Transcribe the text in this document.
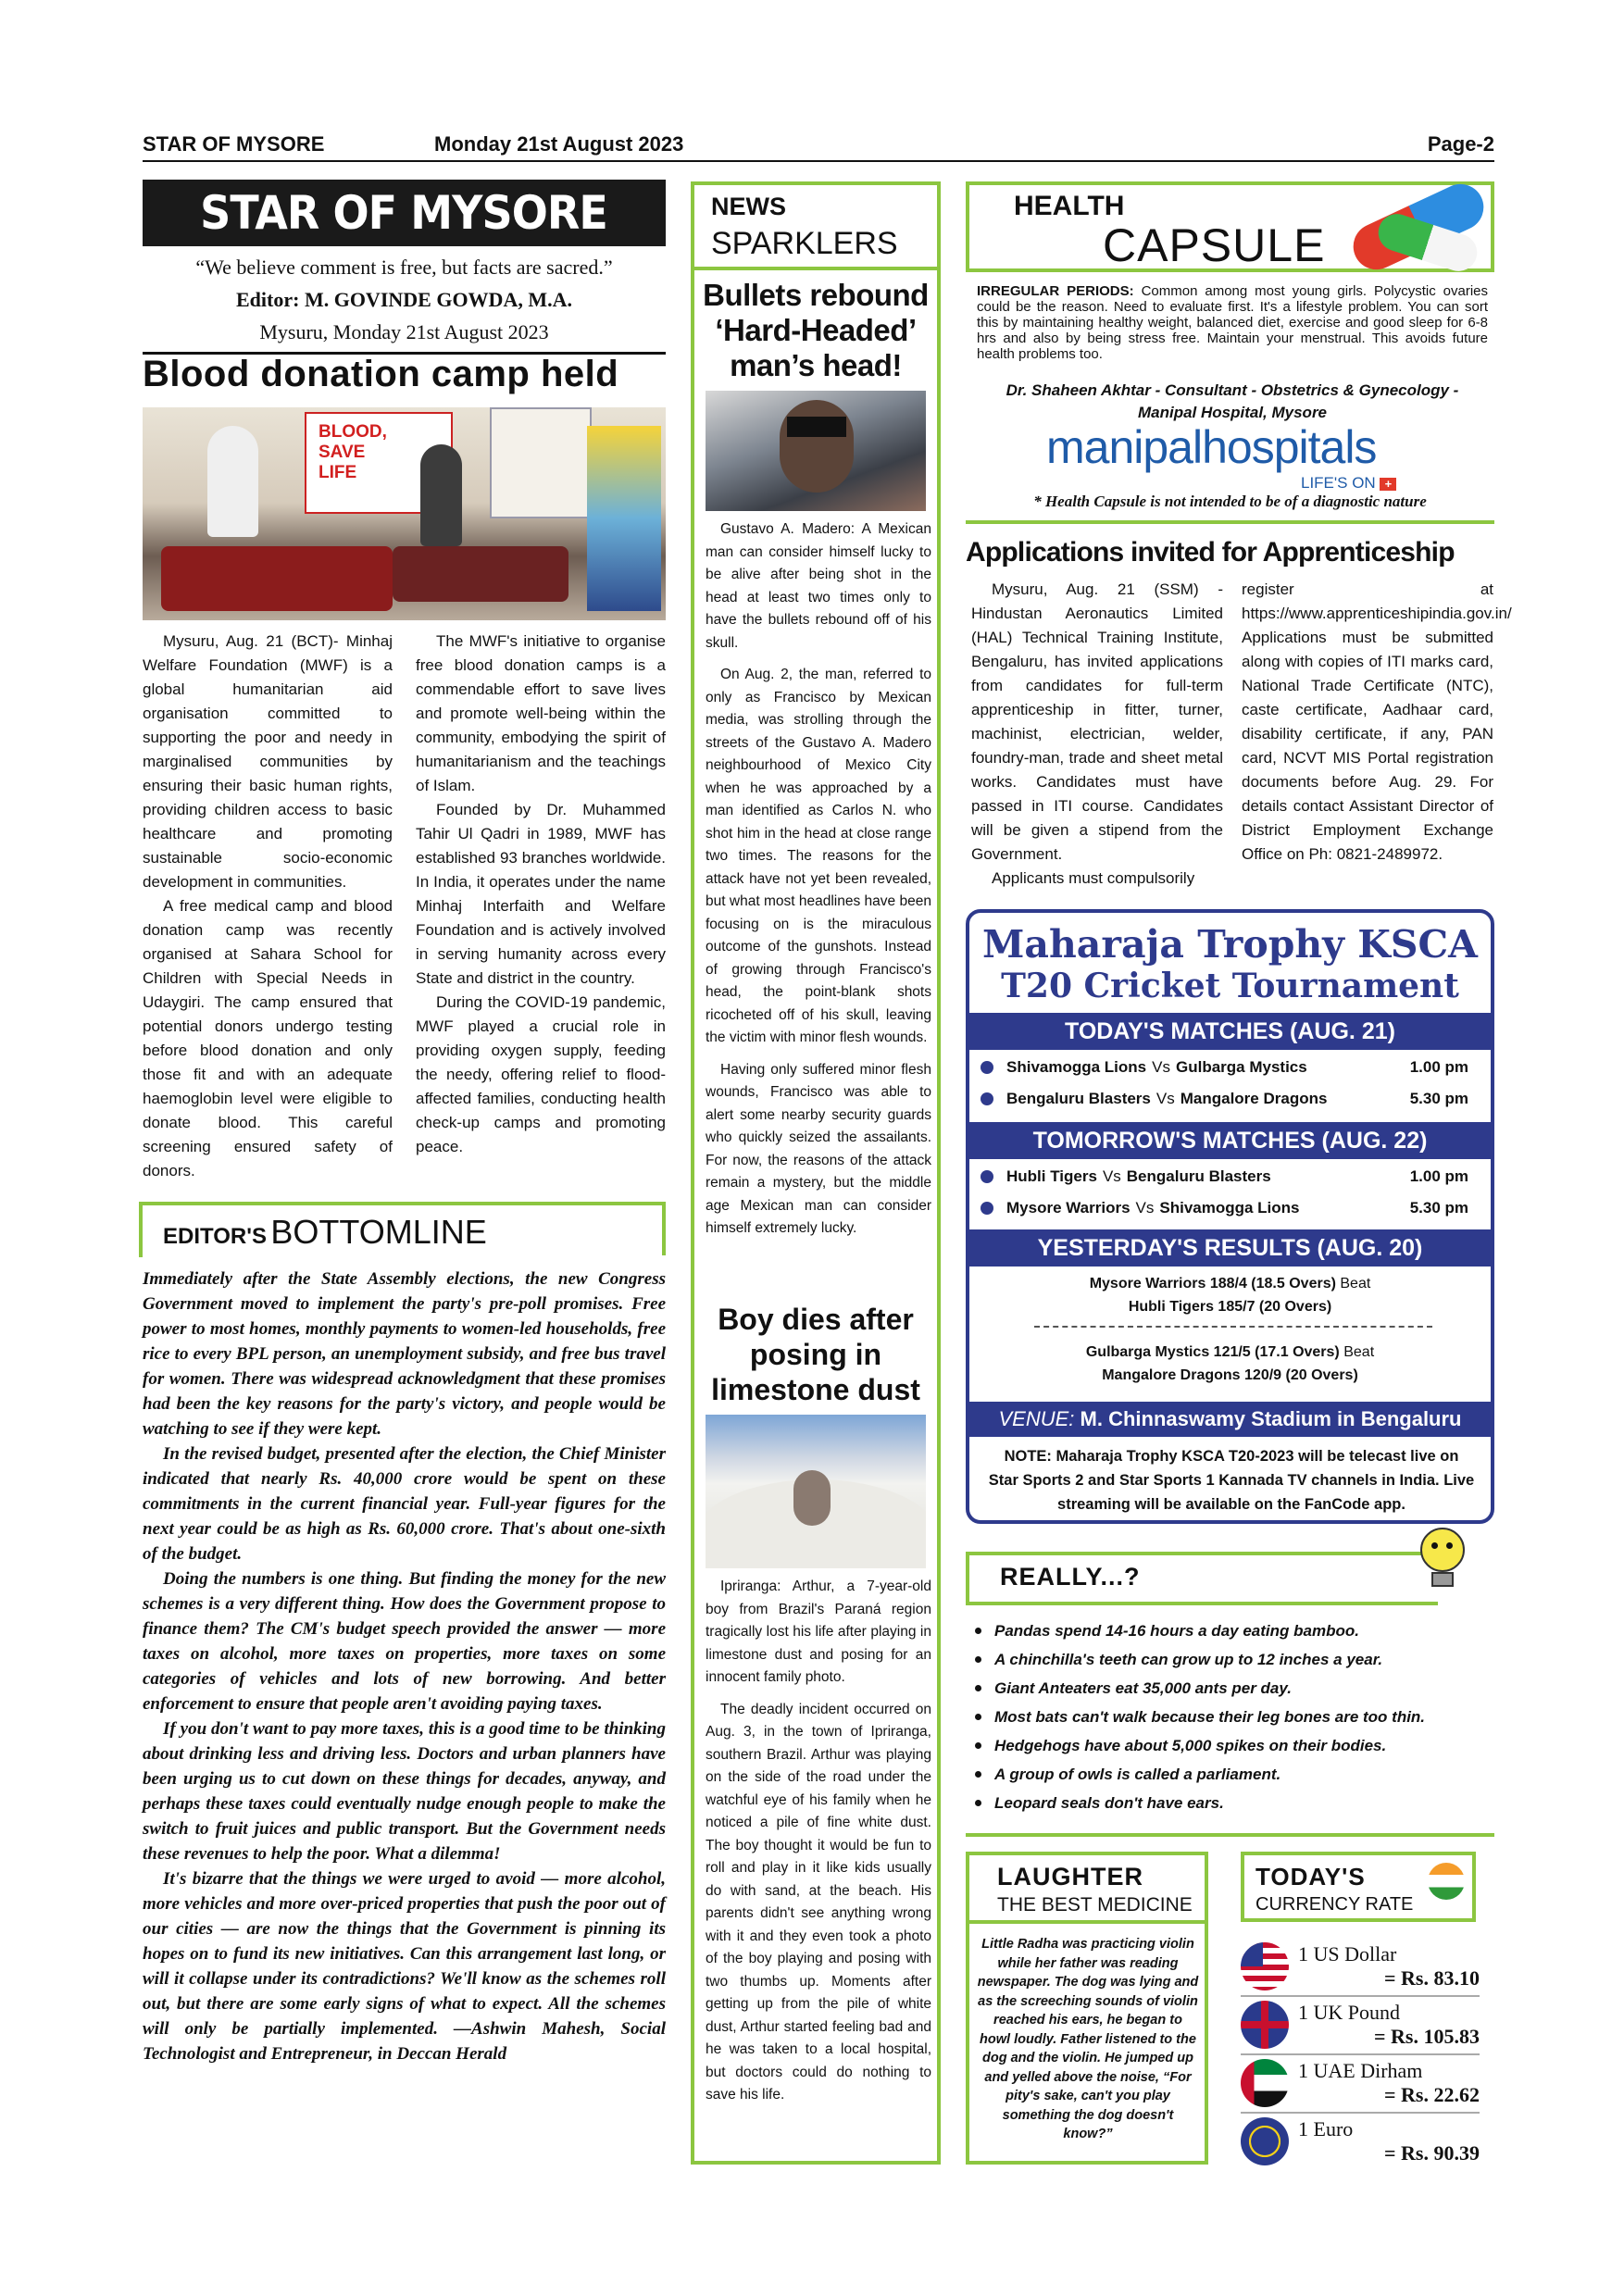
STAR OF MYSORE	Monday 21st August 2023	Page-2
STAR OF MYSORE
“We believe comment is free, but facts are sacred.”
Editor: M. GOVINDE GOWDA, M.A.
Mysuru, Monday 21st August 2023
Blood donation camp held
BLOOD, SAVE LIFE

Mysuru, Aug. 21 (BCT)- Minhaj Welfare Foundation (MWF) is a global humanitarian aid organisation committed to supporting the poor and needy in marginalised communities by ensuring their basic human rights, providing children access to basic healthcare and promoting sustainable socio-economic development in communities.

A free medical camp and blood donation camp was recently organised at Sahara School for Children with Special Needs in Udaygiri. The camp ensured that potential donors undergo testing before blood donation and only those fit and with an adequate haemoglobin level were eligible to donate blood. This careful screening ensured safety of donors.

The MWF's initiative to organise free blood donation camps is a commendable effort to save lives and promote well-being within the community, embodying the spirit of humanitarianism and the teachings of Islam.

Founded by Dr. Muhammed Tahir Ul Qadri in 1989, MWF has established 93 branches worldwide. In India, it operates under the name Minhaj Interfaith and Welfare Foundation and is actively involved in serving humanity across every State and district in the country.

During the COVID-19 pandemic, MWF played a crucial role in providing oxygen supply, feeding the needy, offering relief to flood-affected families, conducting health check-up camps and promoting peace.

EDITOR'S BOTTOMLINE

Immediately after the State Assembly elections, the new Congress Government moved to implement the party's pre-poll promises. Free power to most homes, monthly payments to women-led households, free rice to every BPL person, an unemployment subsidy, and free bus travel for women. There was widespread acknowledgment that these promises had been the key reasons for the party's victory, and people would be watching to see if they were kept.

In the revised budget, presented after the election, the Chief Minister indicated that nearly Rs. 40,000 crore would be spent on these commitments in the current financial year. Full-year figures for the next year could be as high as Rs. 60,000 crore. That's about one-sixth of the budget.

Doing the numbers is one thing. But finding the money for the new schemes is a very different thing. How does the Government propose to finance them? The CM's budget speech provided the answer — more taxes on alcohol, more taxes on properties, more taxes on some categories of vehicles and lots of new borrowing. And better enforcement to ensure that people aren't avoiding paying taxes.

If you don't want to pay more taxes, this is a good time to be thinking about drinking less and driving less. Doctors and urban planners have been urging us to cut down on these things for decades, anyway, and perhaps these taxes could eventually nudge enough people to make the switch to fruit juices and public transport. But the Government needs these revenues to help the poor. What a dilemma!

It's bizarre that the things we were urged to avoid — more alcohol, more vehicles and more over-priced properties that push the poor out of our cities — are now the things that the Government is pinning its hopes on to fund its new initiatives. Can this arrangement last long, or will it collapse under its contradictions? We'll know as the schemes roll out, but there are some early signs of what to expect. All the schemes will only be partially implemented. —Ashwin Mahesh, Social Technologist and Entrepreneur, in Deccan Herald

NEWS
SPARKLERS
Bullets rebound ‘Hard-Headed’ man’s head!

Gustavo A. Madero: A Mexican man can consider himself lucky to be alive after being shot in the head at least two times only to have the bullets rebound off of his skull.

On Aug. 2, the man, referred to only as Francisco by Mexican media, was strolling through the streets of the Gustavo A. Madero neighbourhood of Mexico City when he was approached by a man identified as Carlos N. who shot him in the head at close range two times. The reasons for the attack have not yet been revealed, but what most headlines have been focusing on is the miraculous outcome of the gunshots. Instead of growing through Francisco's head, the point-blank shots ricocheted off of his skull, leaving the victim with minor flesh wounds.

Having only suffered minor flesh wounds, Francisco was able to alert some nearby security guards who quickly seized the assailants. For now, the reasons of the attack remain a mystery, but the middle age Mexican man can consider himself extremely lucky.

Boy dies after posing in limestone dust

Ipriranga: Arthur, a 7-year-old boy from Brazil's Paraná region tragically lost his life after playing in limestone dust and posing for an innocent family photo.

The deadly incident occurred on Aug. 3, in the town of Ipriranga, southern Brazil. Arthur was playing on the side of the road under the watchful eye of his family when he noticed a pile of fine white dust. The boy thought it would be fun to roll and play in it like kids usually do with sand, at the beach. His parents didn't see anything wrong with it and they even took a photo of the boy playing and posing with two thumbs up. Moments after getting up from the pile of white dust, Arthur started feeling bad and he was taken to a local hospital, but doctors could do nothing to save his life.

HEALTH
CAPSULE
IRREGULAR PERIODS: Common among most young girls. Polycystic ovaries could be the reason. Need to evaluate first. It's a lifestyle problem. You can sort this by maintaining healthy weight, balanced diet, exercise and good sleep for 6-8 hrs and also by being stress free. Maintain your menstrual. This avoids future health problems too.
Dr. Shaheen Akhtar - Consultant - Obstetrics & Gynecology - Manipal Hospital, Mysore
manipalhospitals
LIFE'S ON +
* Health Capsule is not intended to be of a diagnostic nature
Applications invited for Apprenticeship

Mysuru, Aug. 21 (SSM) - Hindustan Aeronautics Limited (HAL) Technical Training Institute, Bengaluru, has invited applications from candidates for full-term apprenticeship in fitter, turner, machinist, electrician, welder, foundry-man, trade and sheet metal works. Candidates must have passed in ITI course. Candidates will be given a stipend from the Government.

Applicants must compulsorily

register at https://www.apprenticeshipindia.gov.in/ Applications must be submitted along with copies of ITI marks card, National Trade Certificate (NTC), caste certificate, Aadhaar card, disability certificate, if any, PAN card, NCVT MIS Portal registration documents before Aug. 29. For details contact Assistant Director of District Employment Exchange Office on Ph: 0821-2489972.

Maharaja Trophy KSCA
T20 Cricket Tournament
TODAY'S MATCHES (AUG. 21)
Shivamogga Lions Vs Gulbarga Mystics	1.00 pm
Bengaluru Blasters Vs Mangalore Dragons	5.30 pm
TOMORROW'S MATCHES (AUG. 22)
Hubli Tigers Vs Bengaluru Blasters	1.00 pm
Mysore Warriors Vs Shivamogga Lions	5.30 pm
YESTERDAY'S RESULTS (AUG. 20)
Mysore Warriors 188/4 (18.5 Overs) Beat
Hubli Tigers 185/7 (20 Overs)
Gulbarga Mystics 121/5 (17.1 Overs) Beat
Mangalore Dragons 120/9 (20 Overs)
VENUE: M. Chinnaswamy Stadium in Bengaluru
NOTE: Maharaja Trophy KSCA T20-2023 will be telecast live on Star Sports 2 and Star Sports 1 Kannada TV channels in India. Live streaming will be available on the FanCode app.
REALLY...?
Pandas spend 14-16 hours a day eating bamboo.
A chinchilla's teeth can grow up to 12 inches a year.
Giant Anteaters eat 35,000 ants per day.
Most bats can't walk because their leg bones are too thin.
Hedgehogs have about 5,000 spikes on their bodies.
A group of owls is called a parliament.
Leopard seals don't have ears.
LAUGHTER
THE BEST MEDICINE
Little Radha was practicing violin while her father was reading newspaper. The dog was lying and as the screeching sounds of violin reached his ears, he began to howl loudly. Father listened to the dog and the violin. He jumped up and yelled above the noise, “For pity's sake, can't you play something the dog doesn't know?”
TODAY'S
CURRENCY RATE
1 US Dollar
= Rs. 83.10
1 UK Pound
= Rs. 105.83
1 UAE Dirham
= Rs. 22.62
1 Euro
= Rs. 90.39
